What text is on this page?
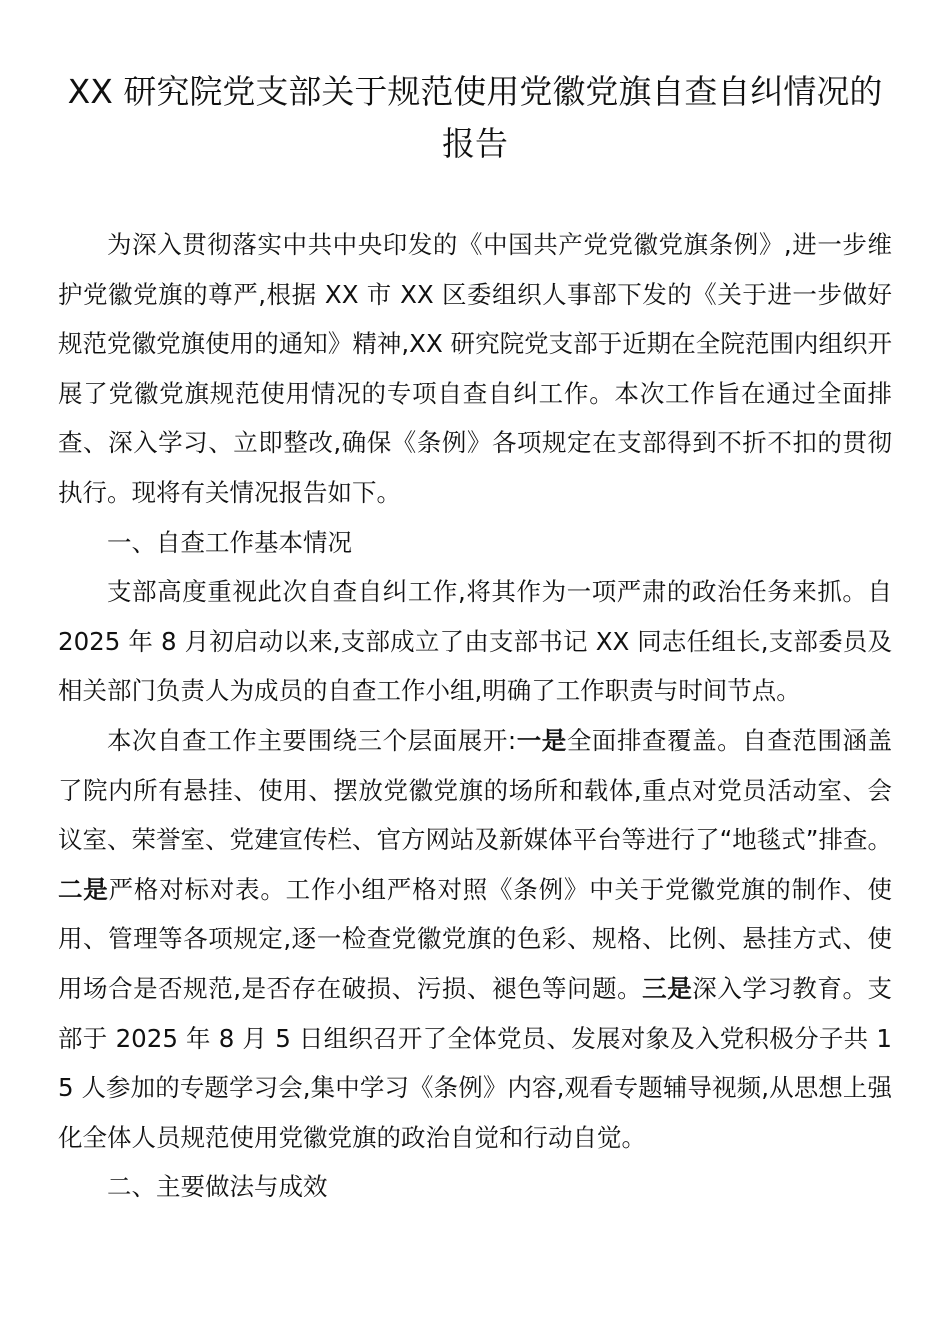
XX 研究院党支部关于规范使用党徽党旗自查自纠情况的报告

为深入贯彻落实中共中央印发的《中国共产党党徽党旗条例》,进一步维护党徽党旗的尊严,根据 XX 市 XX 区委组织人事部下发的《关于进一步做好规范党徽党旗使用的通知》精神,XX 研究院党支部于近期在全院范围内组织开展了党徽党旗规范使用情况的专项自查自纠工作。本次工作旨在通过全面排查、深入学习、立即整改,确保《条例》各项规定在支部得到不折不扣的贯彻执行。现将有关情况报告如下。

一、自查工作基本情况

支部高度重视此次自查自纠工作,将其作为一项严肃的政治任务来抓。自 2025 年 8 月初启动以来,支部成立了由支部书记 XX 同志任组长,支部委员及相关部门负责人为成员的自查工作小组,明确了工作职责与时间节点。

本次自查工作主要围绕三个层面展开:一是全面排查覆盖。自查范围涵盖了院内所有悬挂、使用、摆放党徽党旗的场所和载体,重点对党员活动室、会议室、荣誉室、党建宣传栏、官方网站及新媒体平台等进行了“地毯式”排查。二是严格对标对表。工作小组严格对照《条例》中关于党徽党旗的制作、使用、管理等各项规定,逐一检查党徽党旗的色彩、规格、比例、悬挂方式、使用场合是否规范,是否存在破损、污损、褪色等问题。三是深入学习教育。支部于 2025 年 8 月 5 日组织召开了全体党员、发展对象及入党积极分子共 15 人参加的专题学习会,集中学习《条例》内容,观看专题辅导视频,从思想上强化全体人员规范使用党徽党旗的政治自觉和行动自觉。

二、主要做法与成效
